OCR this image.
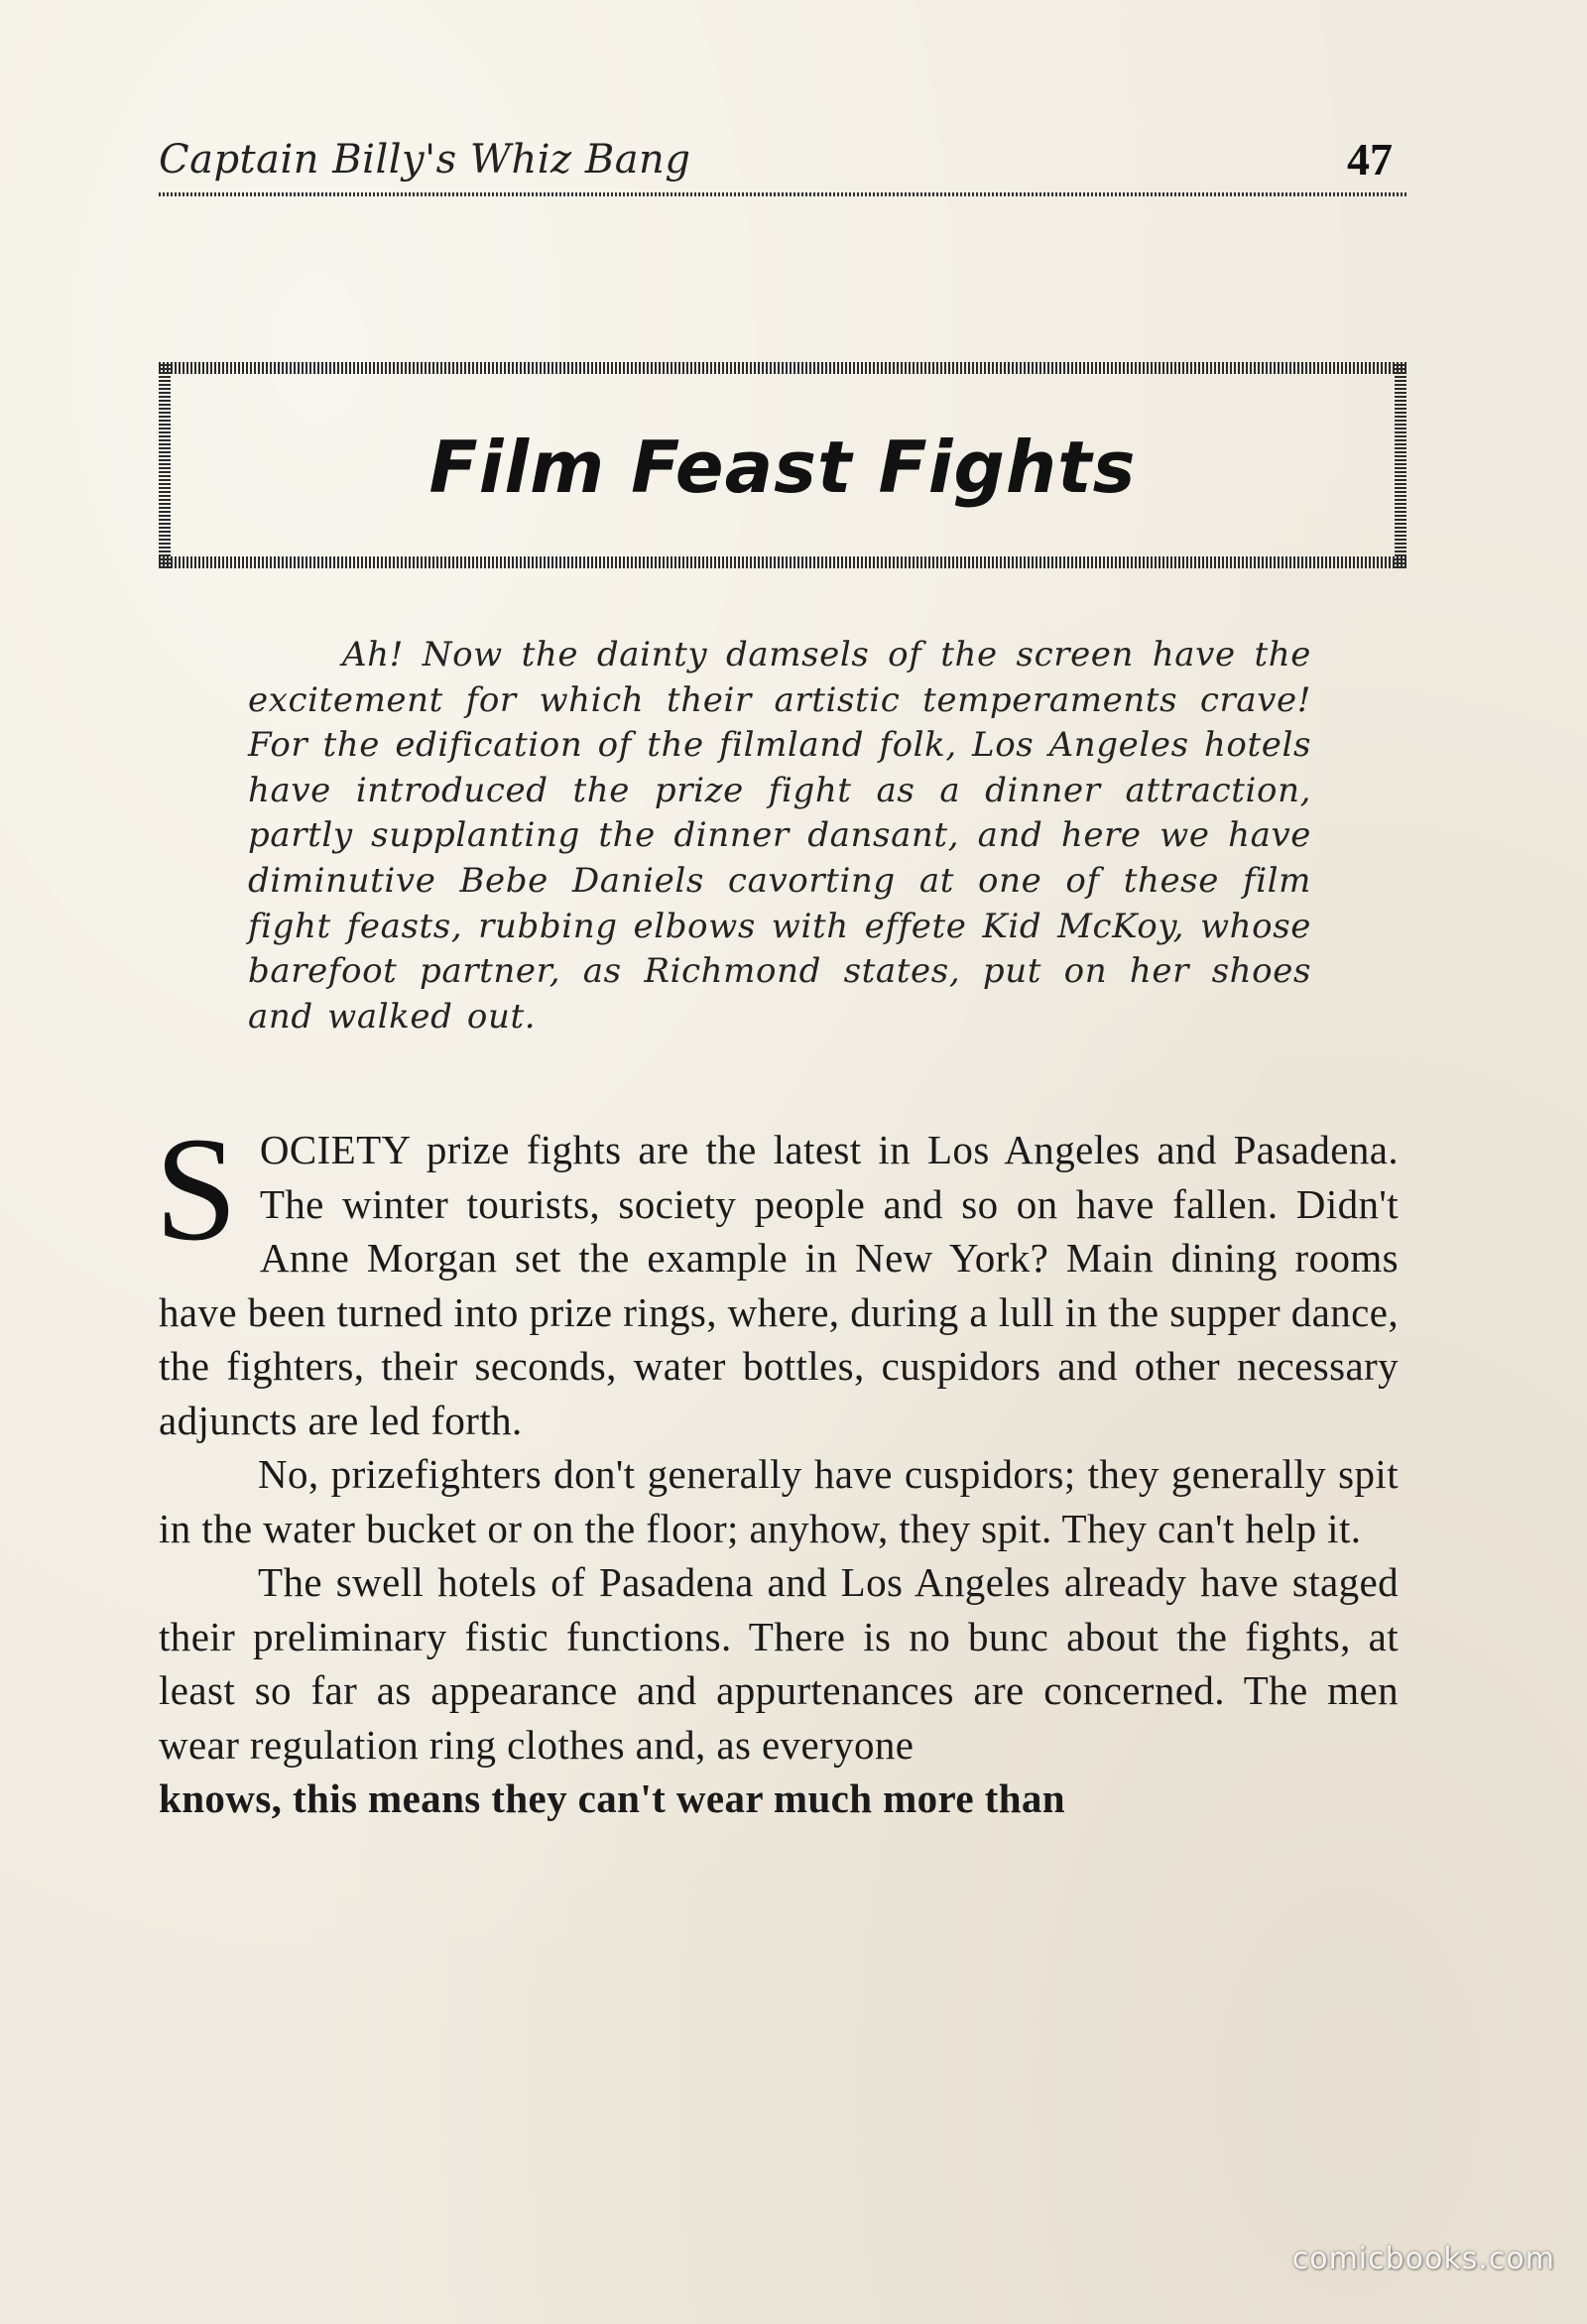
Captain Billy's Whiz Bang	47
Film Feast Fights
Ah! Now the dainty damsels of the screen have the excitement for which their artistic temperaments crave! For the edification of the filmland folk, Los Angeles hotels have introduced the prize fight as a dinner attraction, partly supplanting the dinner dansant, and here we have diminutive Bebe Daniels cavorting at one of these film fight feasts, rubbing elbows with effete Kid McKoy, whose barefoot partner, as Richmond states, put on her shoes and walked out.

SOCIETY prize fights are the latest in Los Angeles and Pasadena. The winter tourists, society people and so on have fallen. Didn't Anne Morgan set the example in New York? Main dining rooms have been turned into prize rings, where, during a lull in the supper dance, the fighters, their seconds, water bottles, cuspidors and other necessary adjuncts are led forth.

No, prizefighters don't generally have cuspidors; they generally spit in the water bucket or on the floor; anyhow, they spit. They can't help it.

The swell hotels of Pasadena and Los Angeles already have staged their preliminary fistic functions. There is no bunc about the fights, at least so far as appearance and appurtenances are concerned. The men wear regulation ring clothes and, as everyone

knows, this means they can't wear much more than

comicbooks.com
